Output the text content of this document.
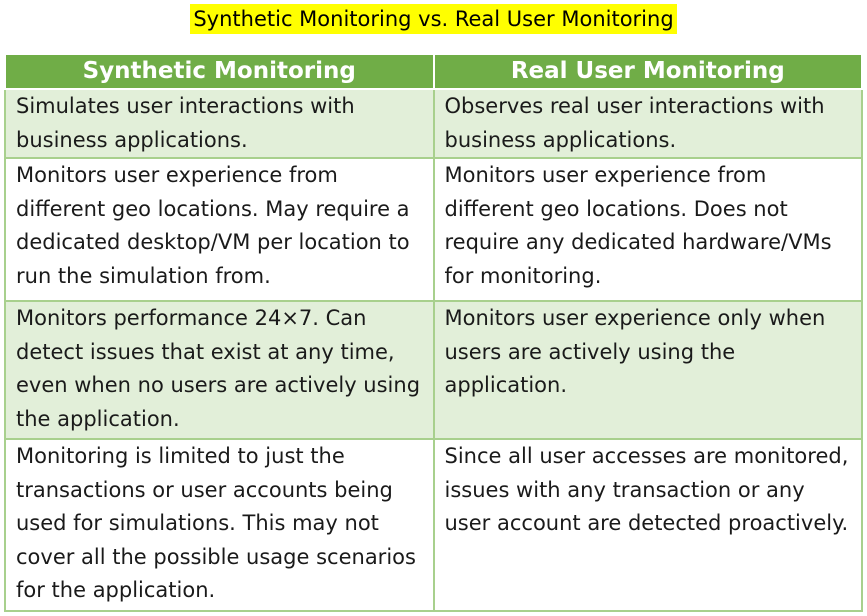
Synthetic Monitoring vs. Real User Monitoring
Synthetic Monitoring	Real User Monitoring
Simulates user interactions with business applications.	Observes real user interactions with business applications.
Monitors user experience from different geo locations. May require a dedicated desktop/VM per location to run the simulation from.	Monitors user experience from different geo locations. Does not require any dedicated hardware/VMs for monitoring.
Monitors performance 24×7. Can detect issues that exist at any time, even when no users are actively using the application.	Monitors user experience only when users are actively using the application.
Monitoring is limited to just the transactions or user accounts being used for simulations. This may not cover all the possible usage scenarios for the application.	Since all user accesses are monitored, issues with any transaction or any user account are detected proactively.
